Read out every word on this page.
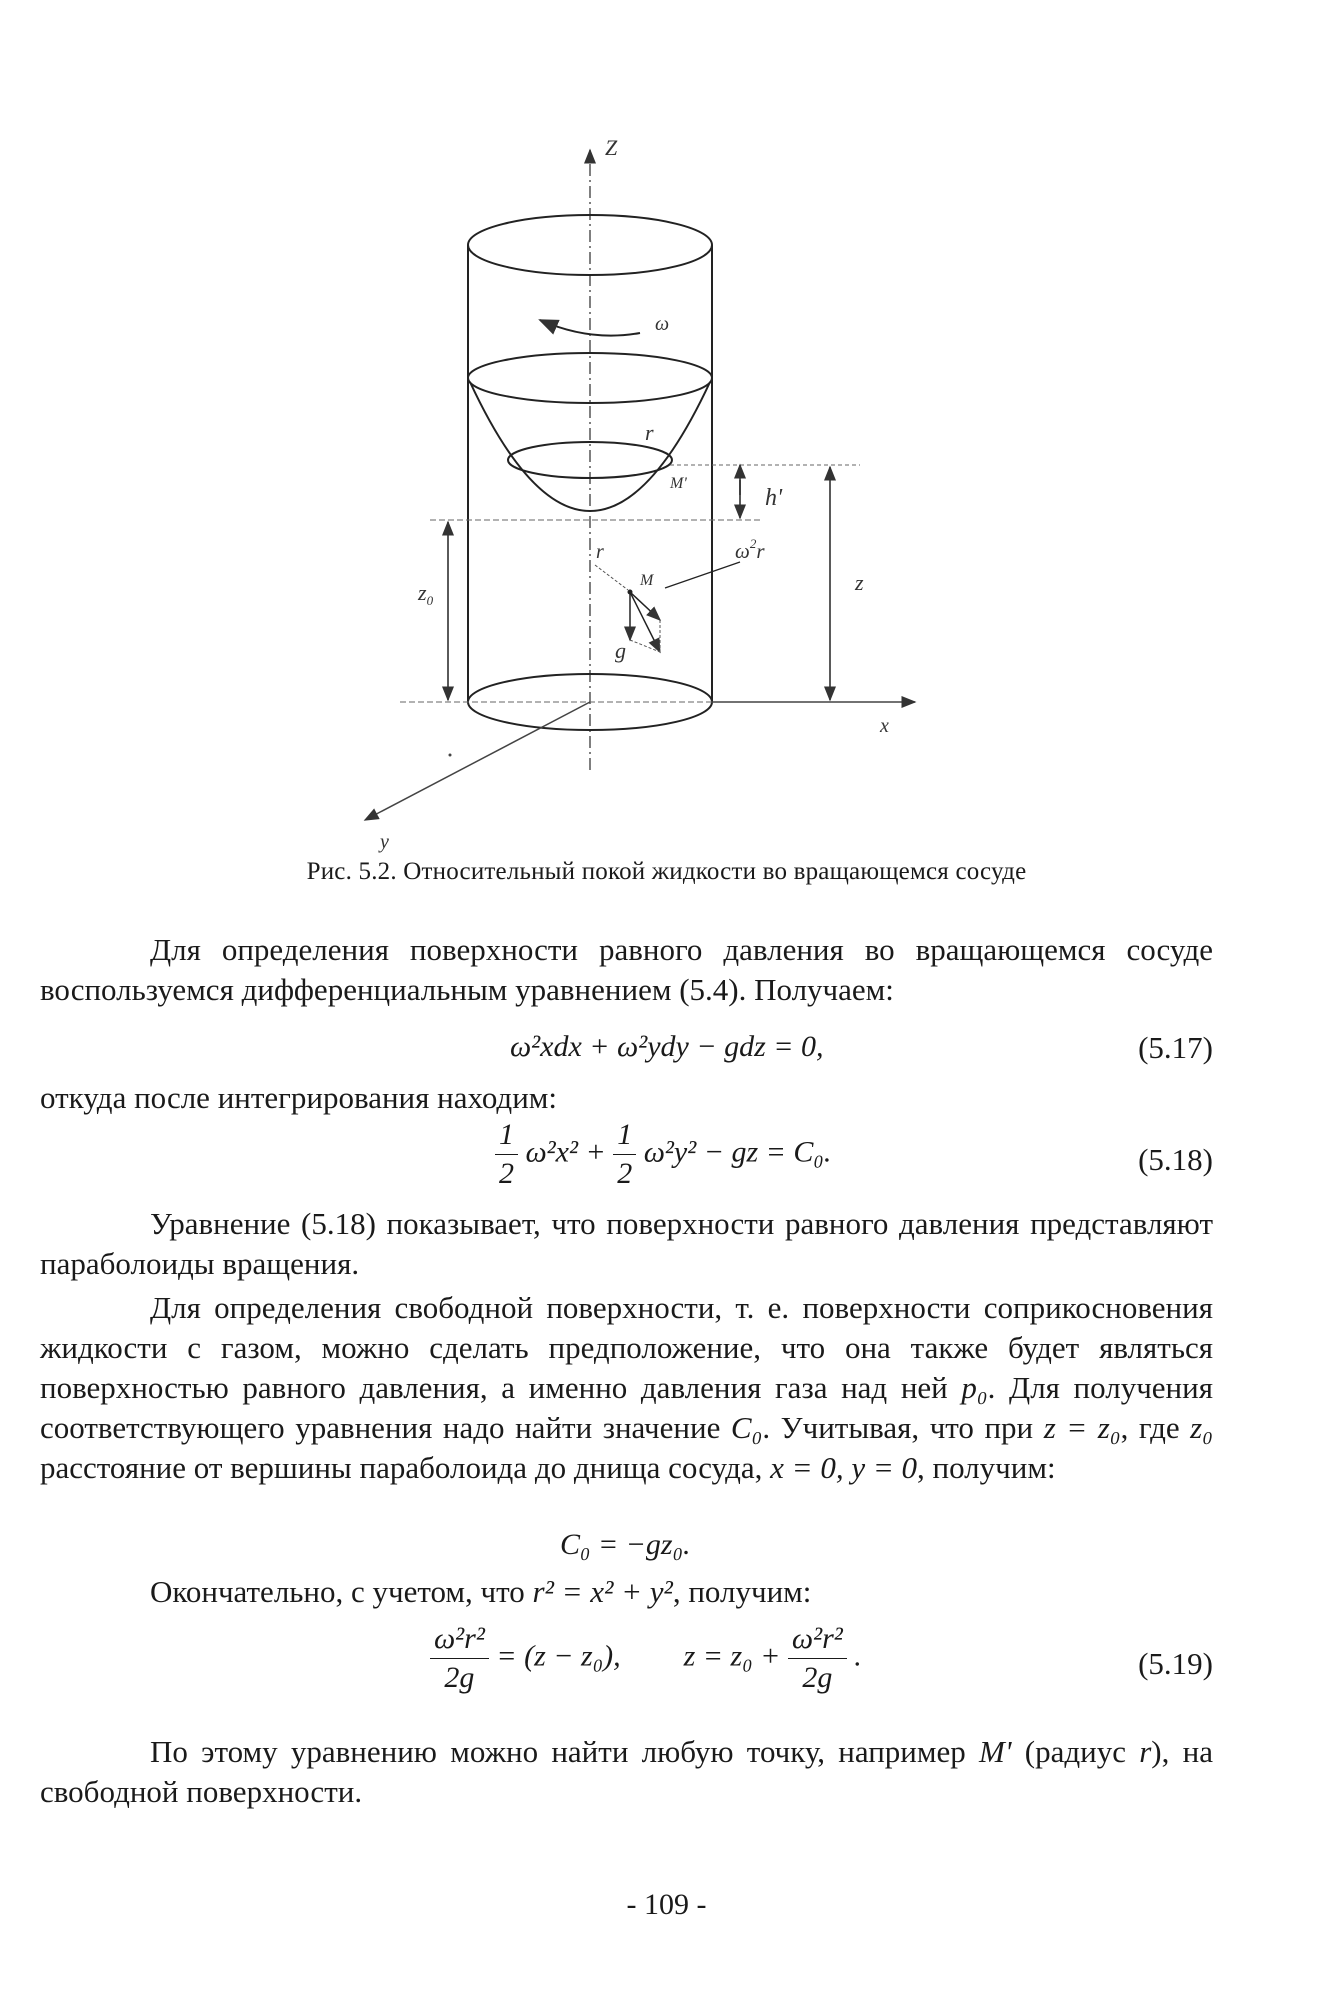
Z
ω
r
M'
h'
$z_0$
z
r
M
$\omega^2r$
g
x
y
Рис. 5.2. Относительный покой жидкости во вращающемся сосуде

Для определения поверхности равного давления во вращающемся сосуде воспользуемся дифференциальным уравнением (5.4). Получаем:

ω²xdx + ω²ydy − gdz = 0,	(5.17)

откуда после интегрирования находим:

$\frac{1}{2} \omega^2x^2 + \frac{1}{2} \omega^2y^2$ − gz = C₀.	(5.18)

Уравнение (5.18) показывает, что поверхности равного давления представляют параболоиды вращения.

Для определения свободной поверхности, т. е. поверхности соприкосновения жидкости с газом, можно сделать предположение, что она также будет являться поверхностью равного давления, а именно давления газа над ней p₀. Для получения соответствующего уравнения надо найти значение C₀. Учитывая, что при z = z₀, где z₀ расстояние от вершины параболоида до днища сосуда, x = 0, y = 0, получим:

C₀ = −gz₀.

Окончательно, с учетом, что r² = x² + y², получим:

$\frac{\text{ω²r²}}{2g} = (z - z_0)$, $z = z_0 + \frac{\text{ω²r²}}{2g}$ .	(5.19)

По этому уравнению можно найти любую точку, например M' (радиус r), на свободной поверхности.

- 109 -
